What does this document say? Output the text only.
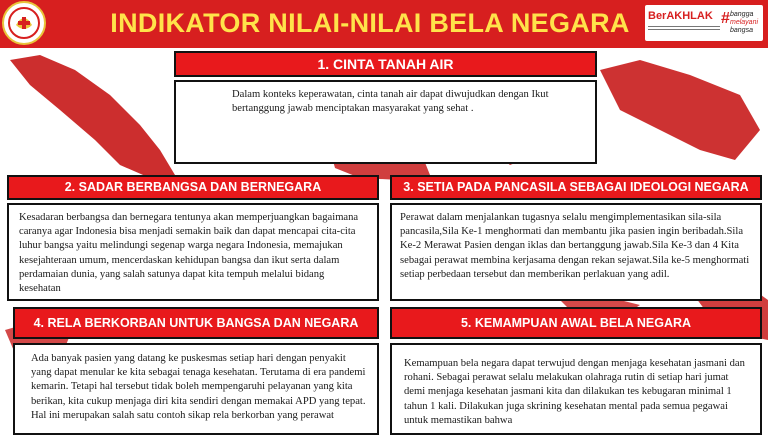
INDIKATOR NILAI-NILAI BELA NEGARA	BerAKHLAK # bangga
melayani
bangsa
1. CINTA TANAH AIR
Dalam konteks keperawatan, cinta tanah air dapat diwujudkan dengan Ikut bertanggung jawab menciptakan masyarakat yang sehat .
2. SADAR BERBANGSA DAN BERNEGARA
Kesadaran berbangsa dan bernegara tentunya akan memperjuangkan bagaimana caranya agar Indonesia bisa menjadi semakin baik dan dapat mencapai cita-cita luhur bangsa yaitu melindungi segenap warga negara Indonesia, memajukan kesejahteraan umum, mencerdaskan kehidupan bangsa dan ikut serta dalam perdamaian dunia, yang salah satunya dapat kita tempuh melalui bidang kesehatan
3. SETIA PADA PANCASILA SEBAGAI IDEOLOGI NEGARA
Perawat dalam menjalankan tugasnya selalu mengimplementasikan sila-sila pancasila,Sila Ke-1 menghormati dan membantu jika pasien ingin beribadah.Sila Ke-2 Merawat Pasien dengan iklas dan bertanggung jawab.Sila Ke-3 dan 4 Kita sebagai perawat membina kerjasama dengan rekan sejawat.Sila ke-5 menghormati setiap perbedaan tersebut dan memberikan perlakuan yang adil.
4. RELA BERKORBAN UNTUK BANGSA DAN NEGARA
Ada banyak pasien yang datang ke puskesmas setiap hari dengan penyakit yang dapat menular ke kita sebagai tenaga kesehatan. Terutama di era pandemi kemarin. Tetapi hal tersebut tidak boleh mempengaruhi pelayanan yang kita berikan, kita cukup menjaga diri kita sendiri dengan memakai APD yang tepat. Hal ini merupakan salah satu contoh sikap rela berkorban yang perawat
5. KEMAMPUAN AWAL BELA NEGARA
Kemampuan bela negara dapat terwujud dengan menjaga kesehatan jasmani dan rohani. Sebagai perawat selalu melakukan olahraga rutin di setiap hari jumat demi menjaga kesehatan jasmani kita dan dilakukan tes kebugaran minimal 1 tahun 1 kali. Dilakukan juga skrining kesehatan mental pada semua pegawai untuk memastikan bahwa
